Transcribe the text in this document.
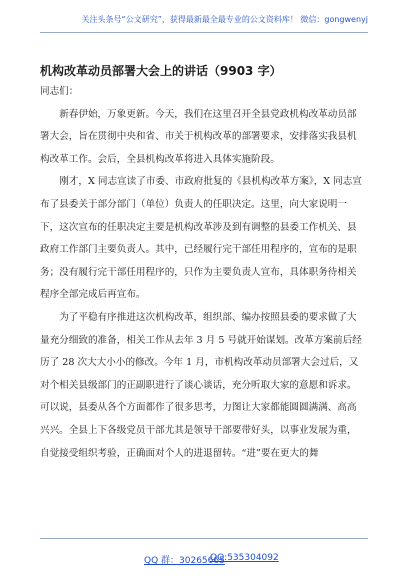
关注头条号“公文研究”，获得最新最全最专业的公文资料库！ 微信：gongwenyj
机构改革动员部署大会上的讲话（9903 字）

同志们：

新春伊始，万象更新。今天，我们在这里召开全县党政机构改革动员部署大会，旨在贯彻中央和省、市关于机构改革的部署要求，安排落实我县机构改革工作。会后，全县机构改革将进入具体实施阶段。

刚才，X 同志宣读了市委、市政府批复的《县机构改革方案》，X 同志宣布了县委关于部分部门（单位）负责人的任职决定。这里，向大家说明一下，这次宣布的任职决定主要是机构改革涉及到有调整的县委工作机关、县政府工作部门主要负责人。其中，已经履行完干部任用程序的，宣布的是职务；没有履行完干部任用程序的，只作为主要负责人宣布，具体职务待相关程序全部完成后再宣布。

为了平稳有序推进这次机构改革，组织部、编办按照县委的要求做了大量充分细致的准备，相关工作从去年 3 月 5 号就开始谋划。改革方案前后经历了 28 次大大小小的修改。今年 1 月，市机构改革动员部署大会过后，又对个相关县级部门的正副职进行了谈心谈话，充分听取大家的意愿和诉求。可以说，县委从各个方面都作了很多思考，力图让大家都能圆圆满满、高高兴兴。全县上下各级党员干部尤其是领导干部要带好头，以事业发展为重，自觉接受组织考验，正确面对个人的进退留转。“进”要在更大的舞

QQ 群：30265665
QQ:535304092
